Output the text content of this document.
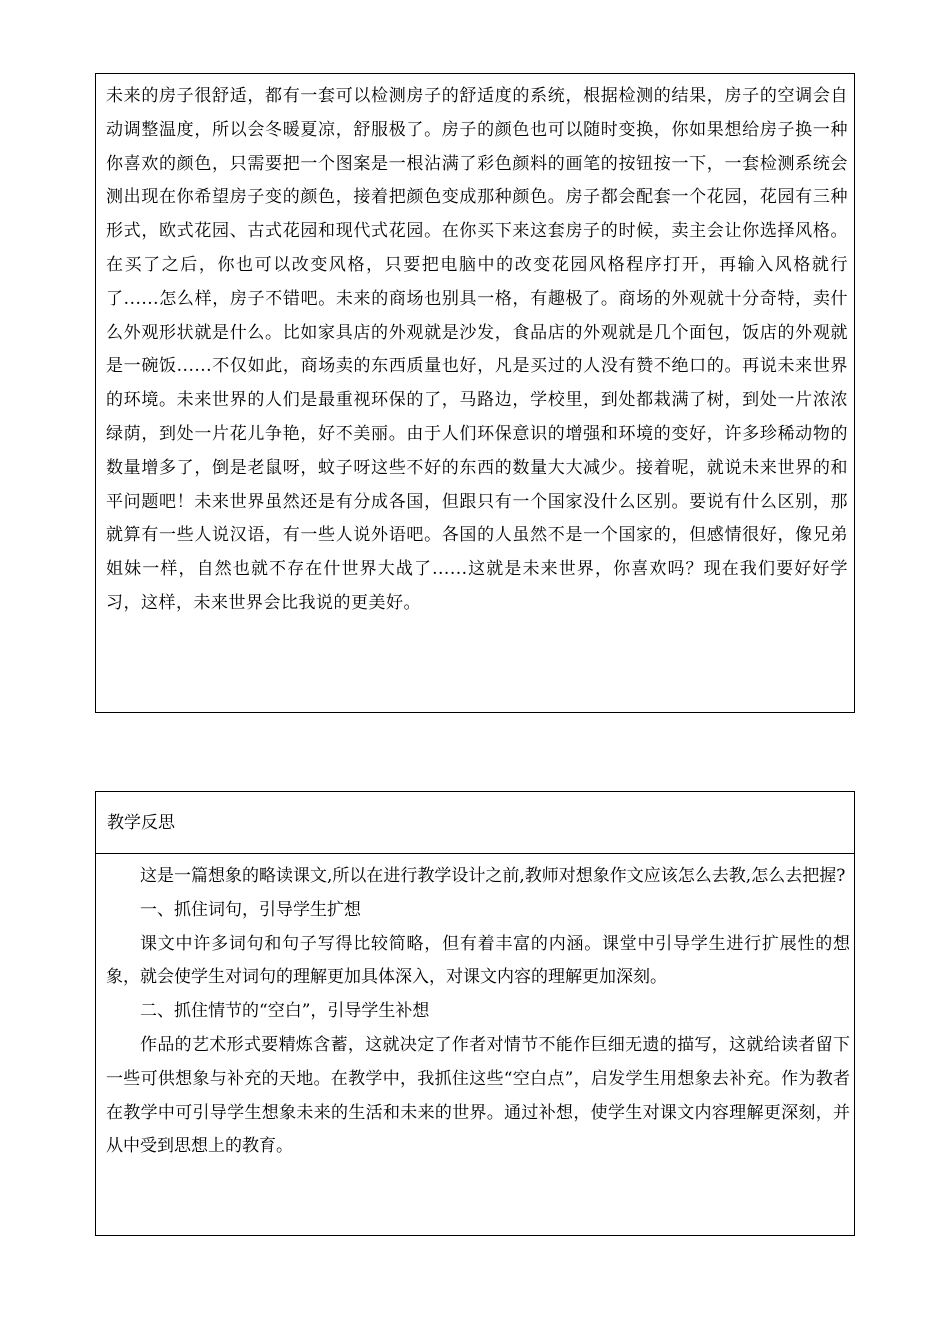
未来的房子很舒适，都有一套可以检测房子的舒适度的系统，根据检测的结果，房子的空调会自动调整温度，所以会冬暖夏凉，舒服极了。房子的颜色也可以随时变换，你如果想给房子换一种你喜欢的颜色，只需要把一个图案是一根沾满了彩色颜料的画笔的按钮按一下，一套检测系统会测出现在你希望房子变的颜色，接着把颜色变成那种颜色。房子都会配套一个花园，花园有三种形式，欧式花园、古式花园和现代式花园。在你买下来这套房子的时候，卖主会让你选择风格。在买了之后，你也可以改变风格，只要把电脑中的改变花园风格程序打开，再输入风格就行了......怎么样，房子不错吧。未来的商场也别具一格，有趣极了。商场的外观就十分奇特，卖什么外观形状就是什么。比如家具店的外观就是沙发，食品店的外观就是几个面包，饭店的外观就是一碗饭......不仅如此，商场卖的东西质量也好，凡是买过的人没有赞不绝口的。再说未来世界的环境。未来世界的人们是最重视环保的了，马路边，学校里，到处都栽满了树，到处一片浓浓绿荫，到处一片花儿争艳，好不美丽。由于人们环保意识的增强和环境的变好，许多珍稀动物的数量增多了，倒是老鼠呀，蚊子呀这些不好的东西的数量大大减少。接着呢，就说未来世界的和平问题吧！未来世界虽然还是有分成各国，但跟只有一个国家没什么区别。要说有什么区别，那就算有一些人说汉语，有一些人说外语吧。各国的人虽然不是一个国家的，但感情很好，像兄弟姐妹一样，自然也就不存在什世界大战了......这就是未来世界，你喜欢吗？现在我们要好好学习，这样，未来世界会比我说的更美好。

教学反思

这是一篇想象的略读课文,所以在进行教学设计之前,教师对想象作文应该怎么去教,怎么去把握?

一、抓住词句，引导学生扩想

课文中许多词句和句子写得比较简略，但有着丰富的内涵。课堂中引导学生进行扩展性的想象，就会使学生对词句的理解更加具体深入，对课文内容的理解更加深刻。

二、抓住情节的“空白”，引导学生补想

作品的艺术形式要精炼含蓄，这就决定了作者对情节不能作巨细无遗的描写，这就给读者留下一些可供想象与补充的天地。在教学中，我抓住这些“空白点”，启发学生用想象去补充。作为教者在教学中可引导学生想象未来的生活和未来的世界。通过补想，使学生对课文内容理解更深刻，并从中受到思想上的教育。
